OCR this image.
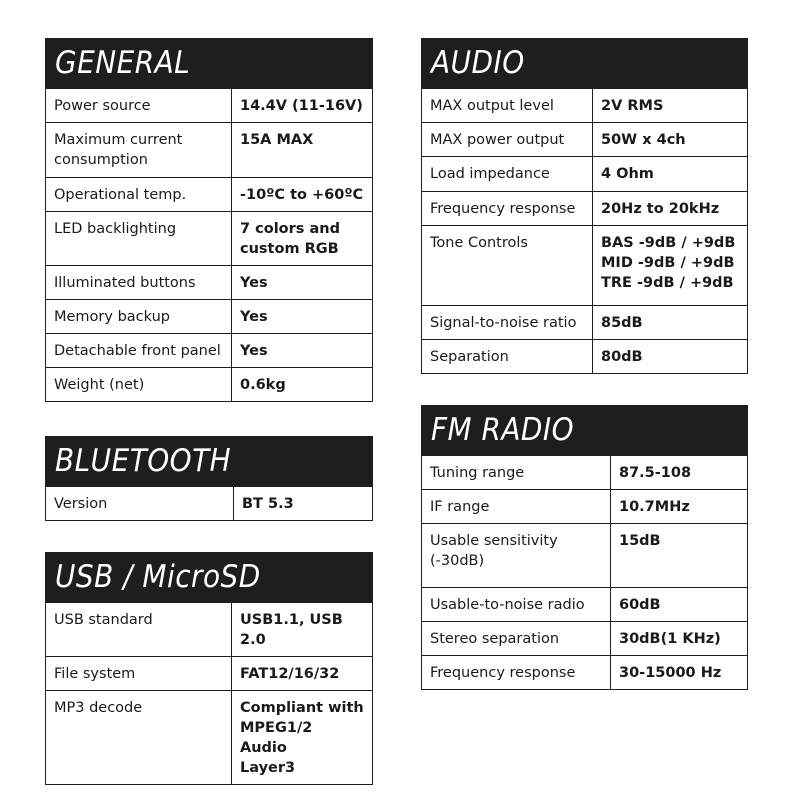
GENERAL
Power source	14.4V (11-16V)
Maximum current
consumption	15A MAX
Operational temp.	-10ºC to +60ºC
LED backlighting	7 colors and
custom RGB
Illuminated buttons	Yes
Memory backup	Yes
Detachable front panel	Yes
Weight (net)	0.6kg
BLUETOOTH
Version	BT 5.3
USB / MicroSD
USB standard	USB1.1, USB 2.0
File system	FAT12/16/32
MP3 decode	Compliant with
MPEG1/2 Audio
Layer3
AUDIO
MAX output level	2V RMS
MAX power output	50W x 4ch
Load impedance	4 Ohm
Frequency response	20Hz to 20kHz
Tone Controls	BAS -9dB / +9dB
MID -9dB / +9dB
TRE -9dB / +9dB
Signal-to-noise ratio	85dB
Separation	80dB
FM RADIO
Tuning range	87.5-108
IF range	10.7MHz
Usable sensitivity
(-30dB)	15dB
Usable-to-noise radio	60dB
Stereo separation	30dB(1 KHz)
Frequency response	30-15000 Hz
